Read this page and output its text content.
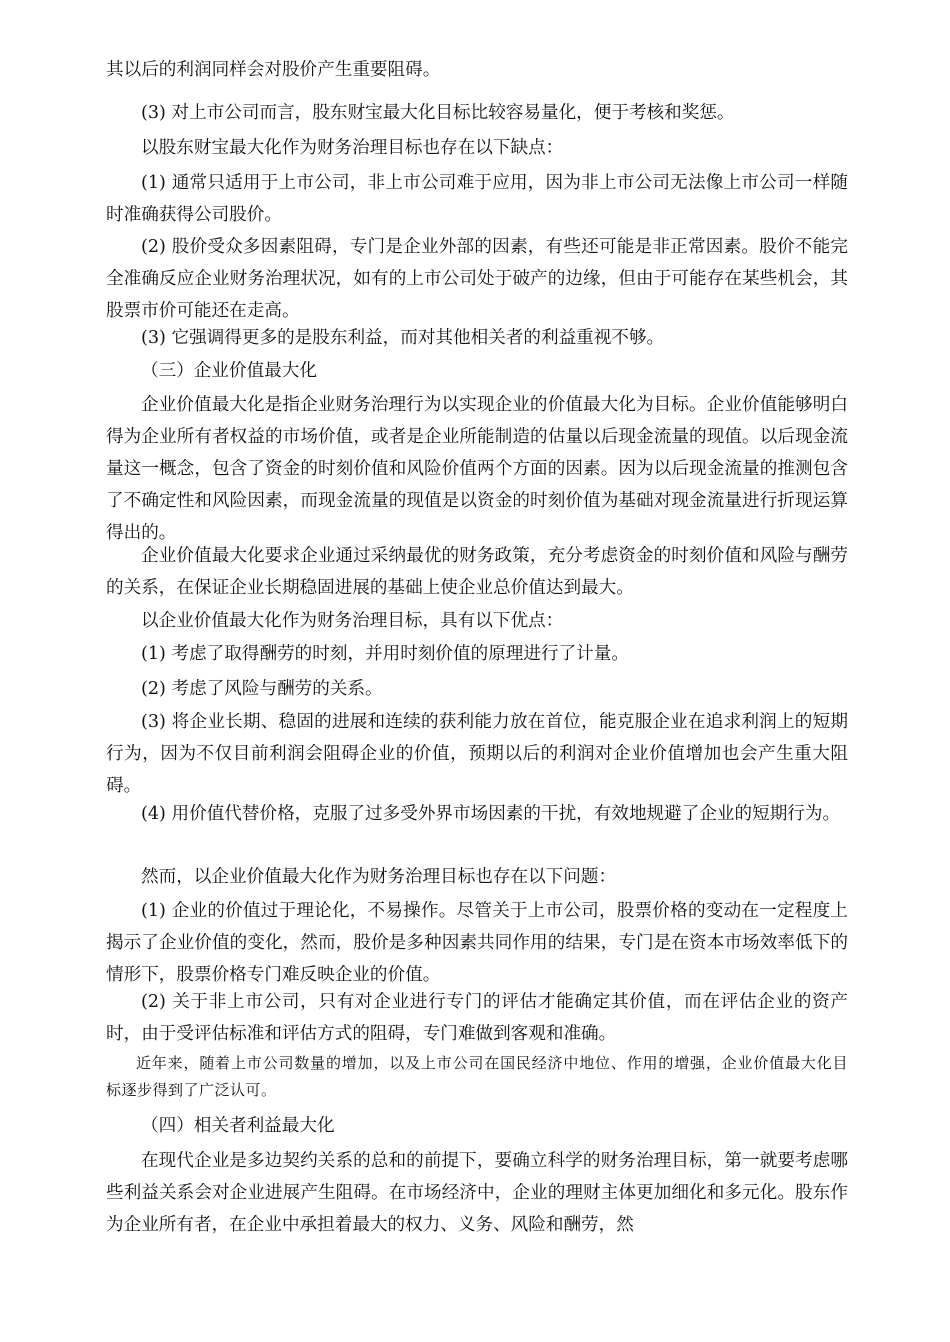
其以后的利润同样会对股价产生重要阻碍。

(3) 对上市公司而言，股东财宝最大化目标比较容易量化，便于考核和奖惩。

以股东财宝最大化作为财务治理目标也存在以下缺点：

(1) 通常只适用于上市公司，非上市公司难于应用，因为非上市公司无法像上市公司一样随时准确获得公司股价。

(2) 股价受众多因素阻碍，专门是企业外部的因素，有些还可能是非正常因素。股价不能完全准确反应企业财务治理状况，如有的上市公司处于破产的边缘，但由于可能存在某些机会，其股票市价可能还在走高。

(3) 它强调得更多的是股东利益，而对其他相关者的利益重视不够。

（三）企业价值最大化

企业价值最大化是指企业财务治理行为以实现企业的价值最大化为目标。企业价值能够明白得为企业所有者权益的市场价值，或者是企业所能制造的估量以后现金流量的现值。以后现金流量这一概念，包含了资金的时刻价值和风险价值两个方面的因素。因为以后现金流量的推测包含了不确定性和风险因素，而现金流量的现值是以资金的时刻价值为基础对现金流量进行折现运算得出的。

企业价值最大化要求企业通过采纳最优的财务政策，充分考虑资金的时刻价值和风险与酬劳的关系，在保证企业长期稳固进展的基础上使企业总价值达到最大。

以企业价值最大化作为财务治理目标，具有以下优点：

(1) 考虑了取得酬劳的时刻，并用时刻价值的原理进行了计量。

(2) 考虑了风险与酬劳的关系。

(3) 将企业长期、稳固的进展和连续的获利能力放在首位，能克服企业在追求利润上的短期行为，因为不仅目前利润会阻碍企业的价值，预期以后的利润对企业价值增加也会产生重大阻碍。

(4) 用价值代替价格，克服了过多受外界市场因素的干扰，有效地规避了企业的短期行为。

然而，以企业价值最大化作为财务治理目标也存在以下问题：

(1) 企业的价值过于理论化，不易操作。尽管关于上市公司，股票价格的变动在一定程度上揭示了企业价值的变化，然而，股价是多种因素共同作用的结果，专门是在资本市场效率低下的情形下，股票价格专门难反映企业的价值。

(2) 关于非上市公司，只有对企业进行专门的评估才能确定其价值，而在评估企业的资产时，由于受评估标准和评估方式的阻碍，专门难做到客观和准确。

近年来，随着上市公司数量的增加，以及上市公司在国民经济中地位、作用的增强，企业价值最大化目标逐步得到了广泛认可。

（四）相关者利益最大化

在现代企业是多边契约关系的总和的前提下，要确立科学的财务治理目标，第一就要考虑哪些利益关系会对企业进展产生阻碍。在市场经济中，企业的理财主体更加细化和多元化。股东作为企业所有者，在企业中承担着最大的权力、义务、风险和酬劳，然
